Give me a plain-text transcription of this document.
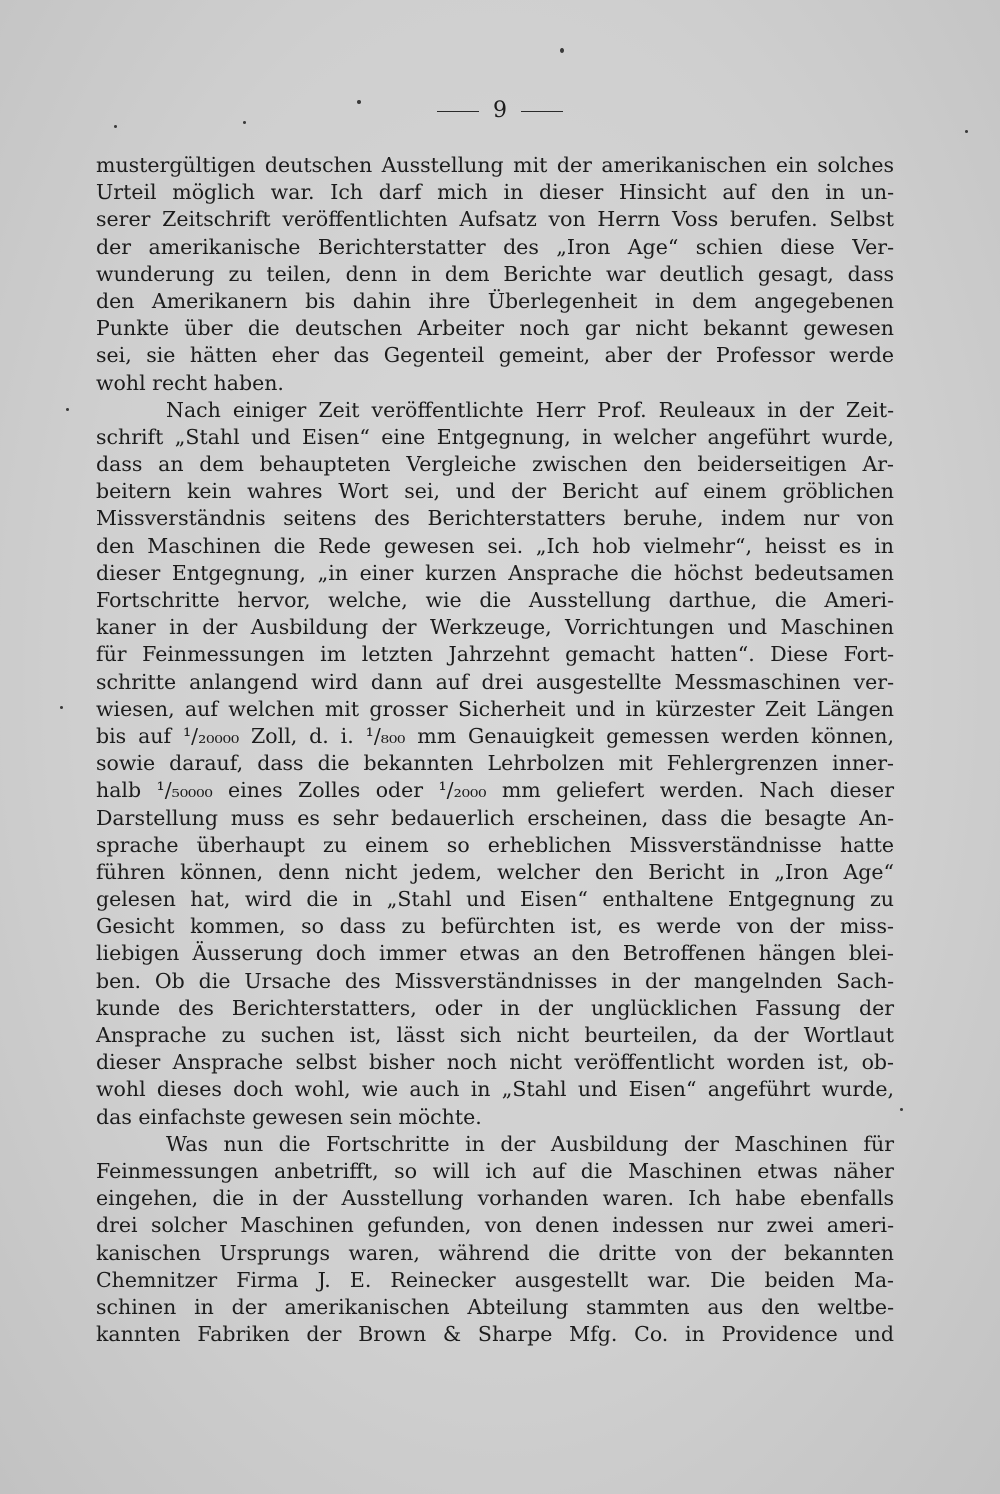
9
mustergültigen deutschen Ausstellung mit der amerikanischen ein solches
Urteil möglich war. Ich darf mich in dieser Hinsicht auf den in un-
serer Zeitschrift veröffentlichten Aufsatz von Herrn Voss berufen. Selbst
der amerikanische Berichterstatter des „Iron Age“ schien diese Ver-
wunderung zu teilen, denn in dem Berichte war deutlich gesagt, dass
den Amerikanern bis dahin ihre Überlegenheit in dem angegebenen
Punkte über die deutschen Arbeiter noch gar nicht bekannt gewesen
sei, sie hätten eher das Gegenteil gemeint, aber der Professor werde
wohl recht haben.
Nach einiger Zeit veröffentlichte Herr Prof. Reuleaux in der Zeit-
schrift „Stahl und Eisen“ eine Entgegnung, in welcher angeführt wurde,
dass an dem behaupteten Vergleiche zwischen den beiderseitigen Ar-
beitern kein wahres Wort sei, und der Bericht auf einem gröblichen
Missverständnis seitens des Berichterstatters beruhe, indem nur von
den Maschinen die Rede gewesen sei. „Ich hob vielmehr“, heisst es in
dieser Entgegnung, „in einer kurzen Ansprache die höchst bedeutsamen
Fortschritte hervor, welche, wie die Ausstellung darthue, die Ameri-
kaner in der Ausbildung der Werkzeuge, Vorrichtungen und Maschinen
für Feinmessungen im letzten Jahrzehnt gemacht hatten“. Diese Fort-
schritte anlangend wird dann auf drei ausgestellte Messmaschinen ver-
wiesen, auf welchen mit grosser Sicherheit und in kürzester Zeit Längen
bis auf ¹/₂₀₀₀₀ Zoll, d. i. ¹/₈₀₀ mm Genauigkeit gemessen werden können,
sowie darauf, dass die bekannten Lehrbolzen mit Fehlergrenzen inner-
halb ¹/₅₀₀₀₀ eines Zolles oder ¹/₂₀₀₀ mm geliefert werden. Nach dieser
Darstellung muss es sehr bedauerlich erscheinen, dass die besagte An-
sprache überhaupt zu einem so erheblichen Missverständnisse hatte
führen können, denn nicht jedem, welcher den Bericht in „Iron Age“
gelesen hat, wird die in „Stahl und Eisen“ enthaltene Entgegnung zu
Gesicht kommen, so dass zu befürchten ist, es werde von der miss-
liebigen Äusserung doch immer etwas an den Betroffenen hängen blei-
ben. Ob die Ursache des Missverständnisses in der mangelnden Sach-
kunde des Berichterstatters, oder in der unglücklichen Fassung der
Ansprache zu suchen ist, lässt sich nicht beurteilen, da der Wortlaut
dieser Ansprache selbst bisher noch nicht veröffentlicht worden ist, ob-
wohl dieses doch wohl, wie auch in „Stahl und Eisen“ angeführt wurde,
das einfachste gewesen sein möchte.
Was nun die Fortschritte in der Ausbildung der Maschinen für
Feinmessungen anbetrifft, so will ich auf die Maschinen etwas näher
eingehen, die in der Ausstellung vorhanden waren. Ich habe ebenfalls
drei solcher Maschinen gefunden, von denen indessen nur zwei ameri-
kanischen Ursprungs waren, während die dritte von der bekannten
Chemnitzer Firma J. E. Reinecker ausgestellt war. Die beiden Ma-
schinen in der amerikanischen Abteilung stammten aus den weltbe-
kannten Fabriken der Brown & Sharpe Mfg. Co. in Providence und
